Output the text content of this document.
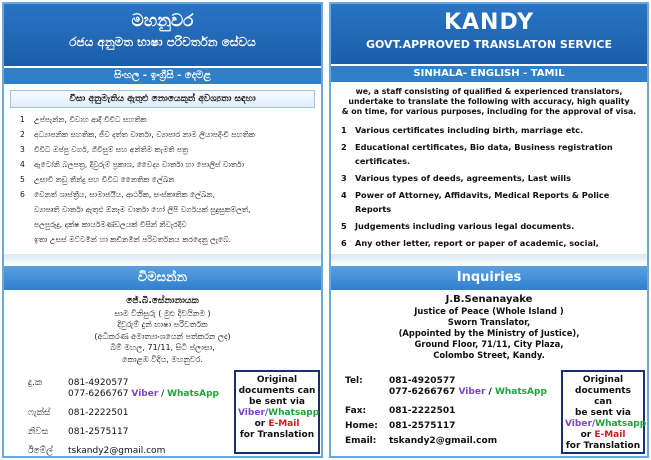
මහනුවර
රජය අනුමත භාෂා පරිවර්තන සේවය
සිංහල - ඉංග්‍රීසි - දෙමළ
වීසා අනුමැතිය ඇතුළු නොයෙකුත් අවශ්‍යතා සඳහා
1	උප්පැන්න, විවාහ ආදී විවිධ සහතික
2	අධ්‍යාපනික සහතික, ජීව දත්ත වාර්තා, ව්‍යාපාර නාම ලියාපදිංචි සහතික
3	විවිධ ඔප්පු වර්ග, ගිවිසුම් සහ අන්තිම කැමති පත්‍ර
4	ඇටෝනි බලපත්‍ර, දිවුරුම් ප්‍රකාශ, වෛද්‍ය වාර්තා හා පොලිස් වාර්තා
5	උසාවි නඩු තීන්දු සහ විවිධ නෛතික ලේඛන
6	වෙනත් ශාස්ත්‍රීය, සාමාජයීය, ආර්ථික, සංස්කෘතික ලේඛන,
ව්‍යාපෘති වාර්තා ඇතුළු ඕනෑම වාර්තා හෝ ලිපි වර්ගයක් සුදුසුකම්ලත්,
පලපුරුදු, දක්ෂ කාර්යමණ්ඩලයක් විසින් නිවැරදිව
ඉතා උසස් මට්ටමින් හා කඩිනමින් පරිවර්තනය කරදෙනු ලැබේ.
විමසන්න
ජේ.බී.සේනානායක
සාම විනිසුරු ( මුළු දිවයිනම )
දිවුරුම් දුන් භාෂා පරිවර්තක
(අධිකරණ අමාත්‍යාංශයෙන් පත්කරන ලද)
බිම් මහල, 71/11, සිටි ප්ලාසා,
කොළඹ වීදිය, මහනුවර.
දු.ක	081-4920577
077-6266767 Viber / WhatsApp
ෆැක්ස් 081-2222501
නිවස 081-2575117
ඊමේල් tskandy2@gmail.com
Original
documents can
be sent via
Viber/Whatsapp
or E-Mail
for Translation
KANDY
GOVT.APPROVED TRANSLATON SERVICE
SINHALA- ENGLISH - TAMIL
we, a staff consisting of qualified & experienced translators,
undertake to translate the following with accuracy, high quality
& on time, for various purposes, including for the approval of visa.
1	Various certificates including birth, marriage etc.
2	Educational certificates, Bio data, Business registration certificates.
3	Various types of deeds, agreements, Last wills
4	Power of Attorney, Affidavits, Medical Reports & Police Reports
5	Judgements including various legal documents.
6	Any other letter, report or paper of academic, social,
Inquiries
J.B.Senanayake
Justice of Peace (Whole Island )
Sworn Translator,
(Appointed by the Ministry of Justice),
Ground Floor, 71/11, City Plaza,
Colombo Street, Kandy.
Tel:	081-4920577
077-6266767 Viber / WhatsApp
Fax:	081-2222501
Home: 081-2575117
Email: tskandy2@gmail.com
Original
documents can
be sent via
Viber/Whatsapp
or E-Mail
for Translation
